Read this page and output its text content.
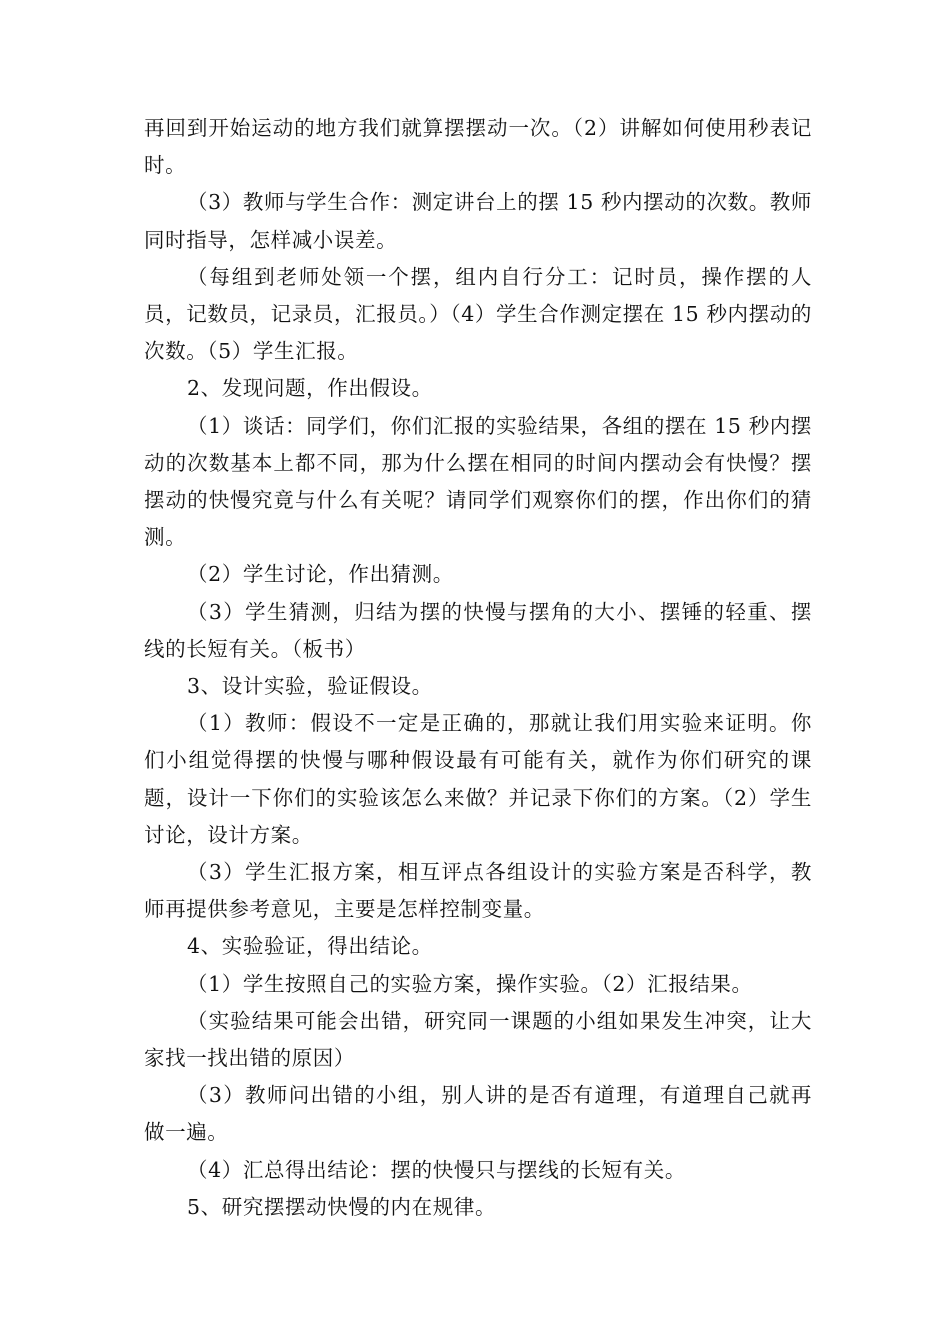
再回到开始运动的地方我们就算摆摆动一次。（2）讲解如何使用秒表记时。

（3）教师与学生合作：测定讲台上的摆 15 秒内摆动的次数。教师同时指导，怎样减小误差。

（每组到老师处领一个摆，组内自行分工：记时员，操作摆的人员，记数员，记录员，汇报员。）（4）学生合作测定摆在 15 秒内摆动的次数。（5）学生汇报。

2、发现问题，作出假设。

（1）谈话：同学们，你们汇报的实验结果，各组的摆在 15 秒内摆动的次数基本上都不同，那为什么摆在相同的时间内摆动会有快慢？摆摆动的快慢究竟与什么有关呢？请同学们观察你们的摆，作出你们的猜测。

（2）学生讨论，作出猜测。

（3）学生猜测，归结为摆的快慢与摆角的大小、摆锤的轻重、摆线的长短有关。（板书）

3、设计实验，验证假设。

（1）教师：假设不一定是正确的，那就让我们用实验来证明。你们小组觉得摆的快慢与哪种假设最有可能有关，就作为你们研究的课题，设计一下你们的实验该怎么来做？并记录下你们的方案。（2）学生讨论，设计方案。

（3）学生汇报方案，相互评点各组设计的实验方案是否科学，教师再提供参考意见，主要是怎样控制变量。

4、实验验证，得出结论。

（1）学生按照自己的实验方案，操作实验。（2）汇报结果。

（实验结果可能会出错，研究同一课题的小组如果发生冲突，让大家找一找出错的原因）

（3）教师问出错的小组，别人讲的是否有道理，有道理自己就再做一遍。

（4）汇总得出结论：摆的快慢只与摆线的长短有关。

5、研究摆摆动快慢的内在规律。
